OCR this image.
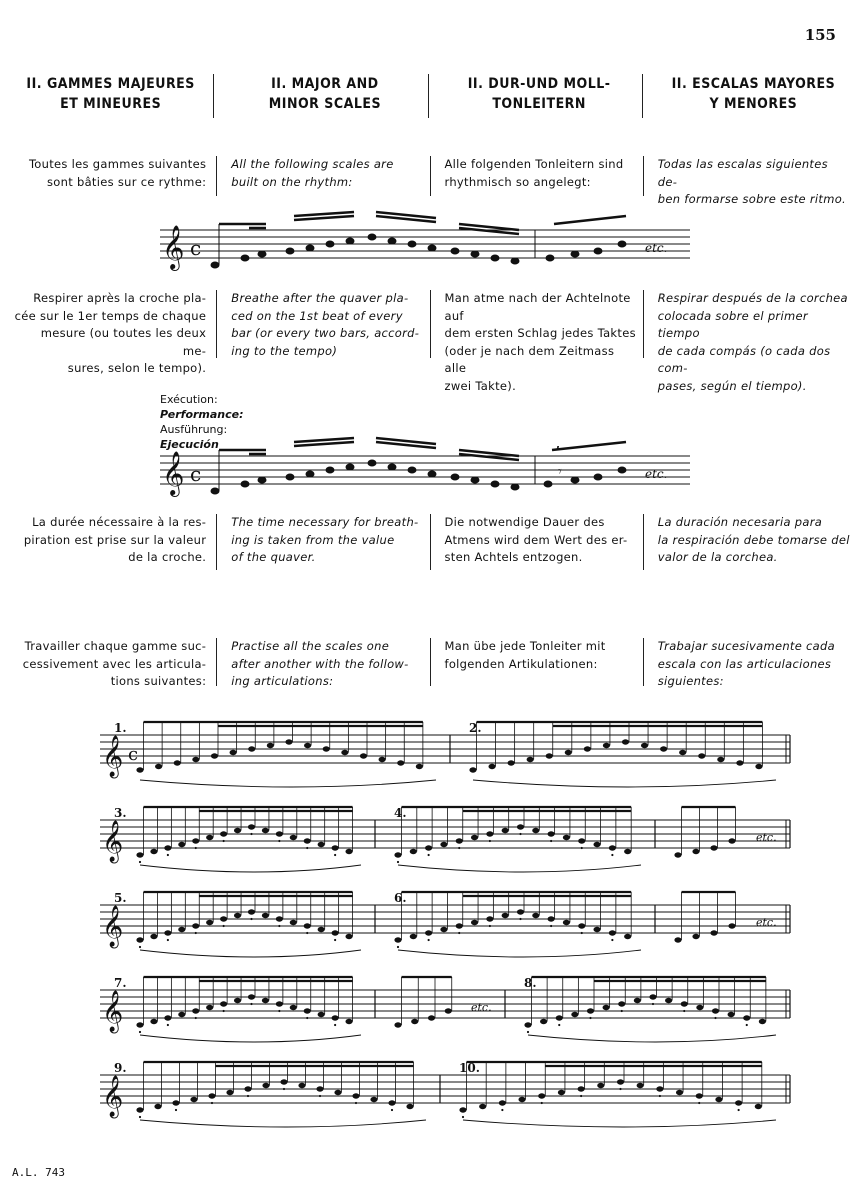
155
II. GAMMES MAJEURES
ET MINEURES
II. MAJOR AND
MINOR SCALES
II. DUR-UND MOLL-
TONLEITERN
II. ESCALAS MAYORES
Y MENORES
Toutes les gammes suivantes
sont bâties sur ce rythme:
All the following scales are
built on the rhythm:
Alle folgenden Tonleitern sind
rhythmisch so angelegt:
Todas las escalas siguientes de-
ben formarse sobre este ritmo.
𝄞 c	etc.
Respirer après la croche pla-
cée sur le 1er temps de chaque
mesure (ou toutes les deux me-
sures, selon le tempo).
Breathe after the quaver pla-
ced on the 1st beat of every
bar (or every two bars, accord-
ing to the tempo)
Man atme nach der Achtelnote auf
dem ersten Schlag jedes Taktes
(oder je nach dem Zeitmass alle
zwei Takte).
Respirar después de la corchea
colocada sobre el primer tiempo
de cada compás (o cada dos com-
pases, según el tiempo).
Exécution:
Performance:
Ausführung:
Ejecución
𝄞 c
,
𝄾	etc.
La durée nécessaire à la res-
piration est prise sur la valeur
de la croche.
The time necessary for breath-
ing is taken from the value
of the quaver.
Die notwendige Dauer des
Atmens wird dem Wert des er-
sten Achtels entzogen.
La duración necesaria para
la respiración debe tomarse del
valor de la corchea.
Travailler chaque gamme suc-
cessivement avec les articula-
tions suivantes:
Practise all the scales one
after another with the follow-
ing articulations:
Man übe jede Tonleiter mit
folgenden Artikulationen:
Trabajar sucesivamente cada
escala con las articulaciones
siguientes:
𝄞 c
1.	2.
𝄞
3.	4.
etc.
𝄞
5.	6.
etc.
𝄞
7.
etc.
8.
𝄞
9.	10.
A.L. 743
